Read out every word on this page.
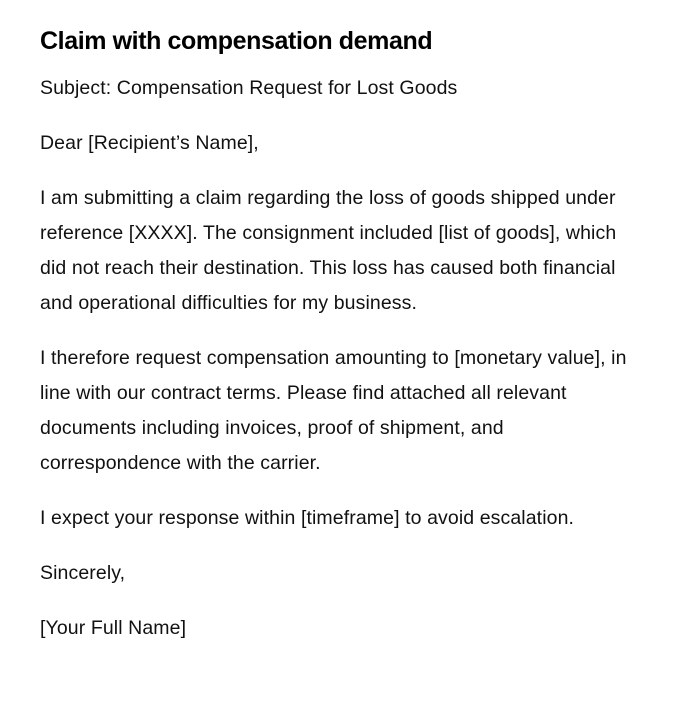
Claim with compensation demand

Subject: Compensation Request for Lost Goods

Dear [Recipient’s Name],

I am submitting a claim regarding the loss of goods shipped under reference [XXXX]. The consignment included [list of goods], which did not reach their destination. This loss has caused both financial and operational difficulties for my business.

I therefore request compensation amounting to [monetary value], in line with our contract terms. Please find attached all relevant documents including invoices, proof of shipment, and correspondence with the carrier.

I expect your response within [timeframe] to avoid escalation.

Sincerely,

[Your Full Name]
